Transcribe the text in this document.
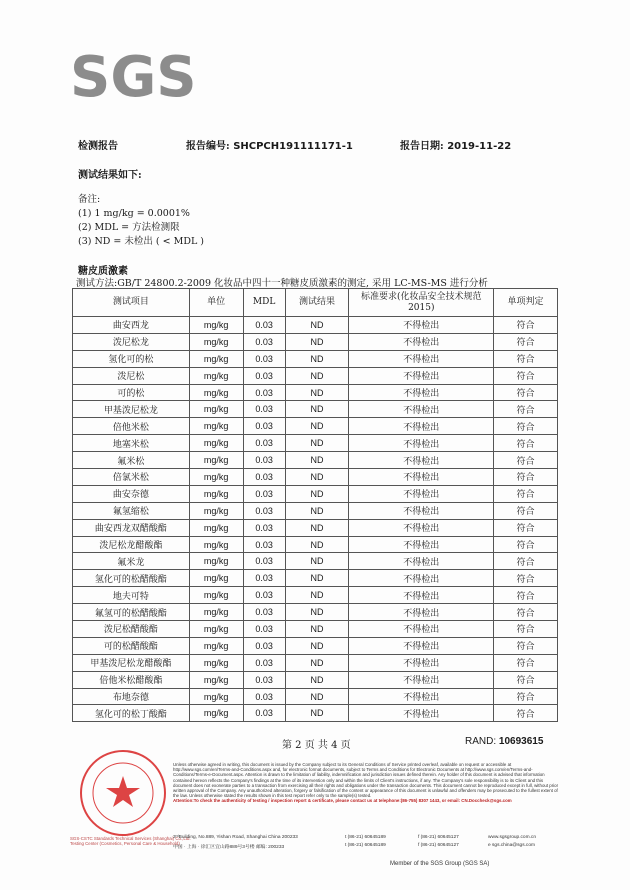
SGS
检测报告	报告编号: SHCPCH191111171-1	报告日期: 2019-11-22
测试结果如下:
备注:
(1) 1 mg/kg = 0.0001%
(2) MDL = 方法检测限
(3) ND = 未检出 ( < MDL )
糖皮质激素
测试方法:GB/T 24800.2-2009 化妆品中四十一种糖皮质激素的测定, 采用 LC-MS-MS 进行分析
测试项目	单位	MDL	测试结果	标准要求(化妆品安全技术规范 2015)	单项判定
曲安西龙	mg/kg	0.03	ND	不得检出	符合
泼尼松龙	mg/kg	0.03	ND	不得检出	符合
氢化可的松	mg/kg	0.03	ND	不得检出	符合
泼尼松	mg/kg	0.03	ND	不得检出	符合
可的松	mg/kg	0.03	ND	不得检出	符合
甲基泼尼松龙	mg/kg	0.03	ND	不得检出	符合
倍他米松	mg/kg	0.03	ND	不得检出	符合
地塞米松	mg/kg	0.03	ND	不得检出	符合
氟米松	mg/kg	0.03	ND	不得检出	符合
倍氯米松	mg/kg	0.03	ND	不得检出	符合
曲安奈德	mg/kg	0.03	ND	不得检出	符合
氟氢缩松	mg/kg	0.03	ND	不得检出	符合
曲安西龙双醋酸酯	mg/kg	0.03	ND	不得检出	符合
泼尼松龙醋酸酯	mg/kg	0.03	ND	不得检出	符合
氟米龙	mg/kg	0.03	ND	不得检出	符合
氢化可的松醋酸酯	mg/kg	0.03	ND	不得检出	符合
地夫可特	mg/kg	0.03	ND	不得检出	符合
氟氢可的松醋酸酯	mg/kg	0.03	ND	不得检出	符合
泼尼松醋酸酯	mg/kg	0.03	ND	不得检出	符合
可的松醋酸酯	mg/kg	0.03	ND	不得检出	符合
甲基泼尼松龙醋酸酯	mg/kg	0.03	ND	不得检出	符合
倍他米松醋酸酯	mg/kg	0.03	ND	不得检出	符合
布地奈德	mg/kg	0.03	ND	不得检出	符合
氢化可的松丁酸酯	mg/kg	0.03	ND	不得检出	符合
第 2 页 共 4 页	RAND: 10693615
SGS-CSTC Standards Technical Services (Shanghai) Co.,Ltd.
Testing Center (Cosmetics, Personal Care & Household)
Unless otherwise agreed in writing, this document is issued by the Company subject to its General Conditions of Service printed overleaf, available on request or accessible at http://www.sgs.com/en/Terms-and-Conditions.aspx and, for electronic format documents, subject to Terms and Conditions for Electronic Documents at http://www.sgs.com/en/Terms-and-Conditions/Terms-e-Document.aspx. Attention is drawn to the limitation of liability, indemnification and jurisdiction issues defined therein. Any holder of this document is advised that information contained hereon reflects the Company's findings at the time of its intervention only and within the limits of Client's instructions, if any. The Company's sole responsibility is to its Client and this document does not exonerate parties to a transaction from exercising all their rights and obligations under the transaction documents. This document cannot be reproduced except in full, without prior written approval of the Company. Any unauthorized alteration, forgery or falsification of the content or appearance of this document is unlawful and offenders may be prosecuted to the fullest extent of the law. Unless otherwise stated the results shown in this test report refer only to the sample(s) tested.
Attention:To check the authenticity of testing / inspection report & certificate, please contact us at telephone:(86-755) 8307 1443, or email: CN.Doccheck@sgs.com
3ʳᵈBuilding, No.889, Yishan Road, Shanghai China 200233
中国 · 上海 · 徐汇区宜山路889号3号楼 邮编: 200233
t (86-21) 60645189
t (86-21) 60645189
f (86-21) 60645127
f (86-21) 60645127
www.sgsgroup.com.cn
e sgs.china@sgs.com
Member of the SGS Group (SGS SA)
